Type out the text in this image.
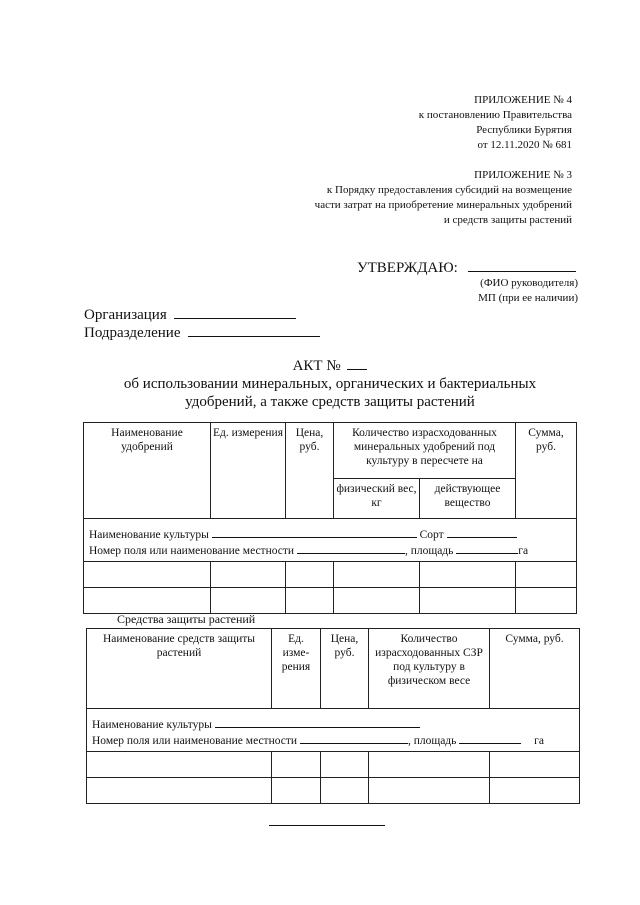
ПРИЛОЖЕНИЕ № 4
к постановлению Правительства
Республики Бурятия
от 12.11.2020 № 681
ПРИЛОЖЕНИЕ № 3
к Порядку предоставления субсидий на возмещение
части затрат на приобретение минеральных удобрений
и средств защиты растений
УТВЕРЖДАЮ:
(ФИО руководителя)
МП (при ее наличии)
Организация
Подразделение
АКТ №
об использовании минеральных, органических и бактериальных
удобрений, а также средств защиты растений
Наименование удобрений	Ед. измерения	Цена, руб.	Количество израсходованных минеральных удобрений под культуру в пересчете на		Сумма, руб.
			физический вес, кг	действующее вещество	

Наименование культуры Сорт
Номер поля или наименование местности , площадь га					

Средства защиты растений
Наименование средств защиты растений	Ед. изме-рения	Цена, руб.	Количество израсходованных СЗР под культуру в физическом весе	Сумма, руб.

Наименование культуры
Номер поля или наименование местности , площадь га				
